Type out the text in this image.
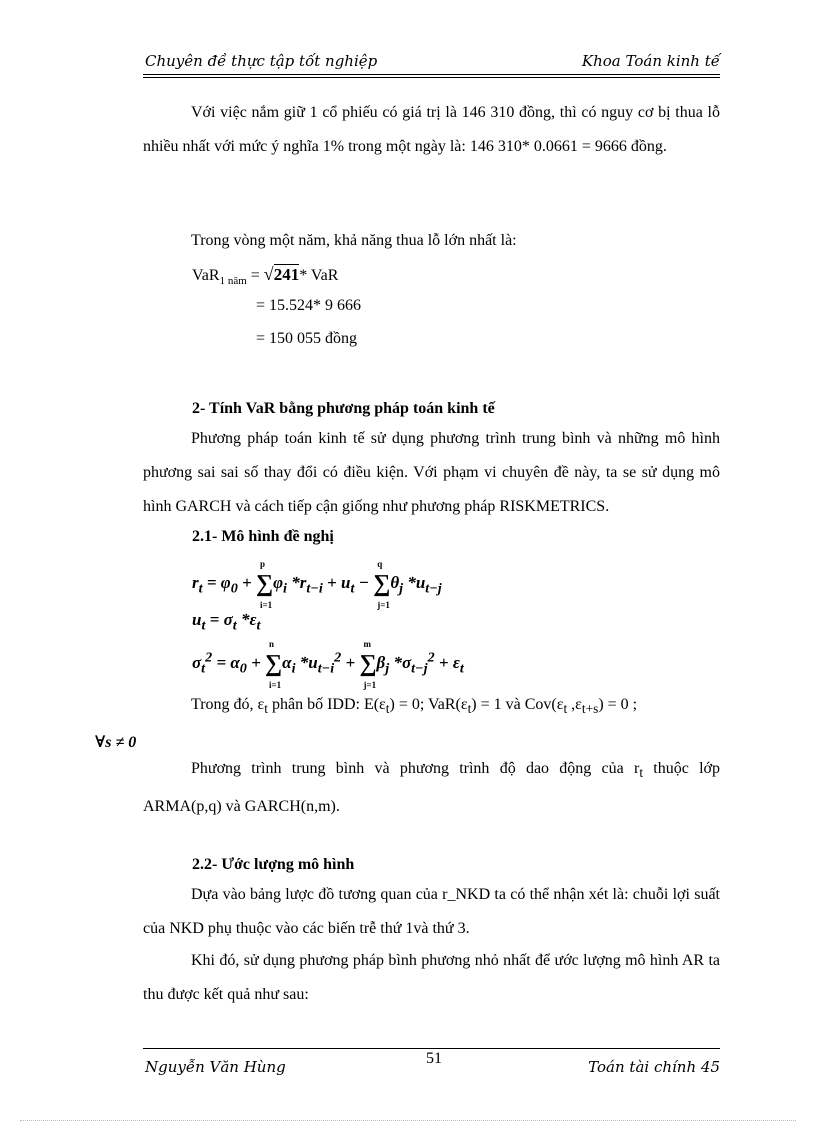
Chuyên đề thực tập tốt nghiệp	Khoa Toán kinh tế

Với việc nắm giữ 1 cổ phiếu có giá trị là 146 310 đồng, thì có nguy cơ bị thua lỗ nhiều nhất với mức ý nghĩa 1% trong một ngày là: 146 310* 0.0661 = 9666 đồng.

Trong vòng một năm, khả năng thua lỗ lớn nhất là:

VaR$_{1 năm}$ = √241* VaR
= 15.524* 9 666
= 150 055 đồng

2- Tính VaR bằng phương pháp toán kinh tế

Phương pháp toán kinh tế sử dụng phương trình trung bình và những mô hình phương sai sai số thay đổi có điều kiện. Với phạm vi chuyên đề này, ta se sử dụng mô hình GARCH và cách tiếp cận giống như phương pháp RISKMETRICS.

2.1- Mô hình đề nghị

$r_t = \varphi_0$ + ∑
p
i=1
$\varphi_i$ $*r_{t-i} + u_t$ − ∑
q
j=1
$\theta_j$ $*u_{t-j}$
$u_t = \sigma_t$ $*\varepsilon_t$
$\sigma_t^2 = \alpha_0$ + ∑
n
i=1
$\alpha_i$ $*u_{t-i}^2$ + ∑
m
j=1
$\beta_j$ $*\sigma_{t-j}^2 + \varepsilon_t$

Trong đó, $\varepsilon_t$ phân bố IDD: $E(\varepsilon_t) = 0$; $VaR(\varepsilon_t) = 1$ và $Cov(\varepsilon_t$ $,\varepsilon_{t+s}) = 0$ ;
∀s ≠ 0

Phương trình trung bình và phương trình độ dao động của $r_t$ thuộc lớp ARMA(p,q) và GARCH(n,m).

2.2- Ước lượng mô hình

Dựa vào bảng lược đồ tương quan của r_NKD ta có thể nhận xét là: chuỗi lợi suất của NKD phụ thuộc vào các biến trễ thứ 1và thứ 3.

Khi đó, sử dụng phương pháp bình phương nhỏ nhất để ước lượng mô hình AR ta thu được kết quả như sau:

51
Nguyễn Văn Hùng	Toán tài chính 45
